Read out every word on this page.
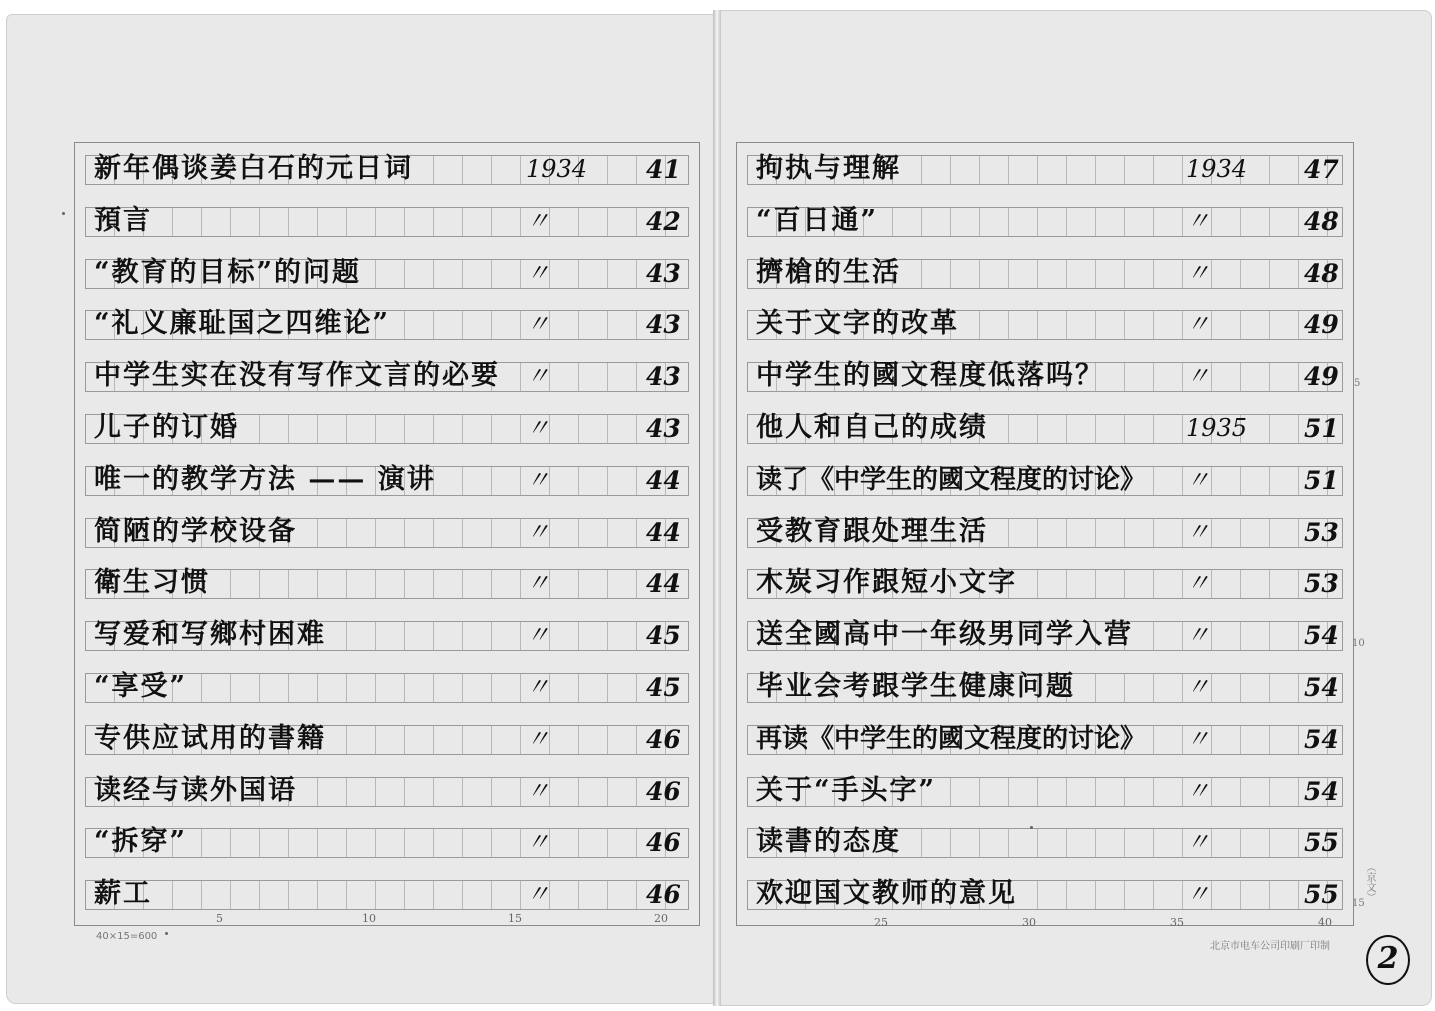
新年偶谈姜白石的元日词	1934 41
預言	〃	42
“教育的目标”的问题	〃	43
“礼义廉耻国之四维论”	〃	43
中学生实在没有写作文言的必要 〃	43
儿子的订婚	〃	43
唯一的教学方法 —— 演讲	〃	44
简陋的学校设备	〃	44
衛生习惯	〃	44
写爱和写鄉村困难	〃	45
“享受”	〃	45
专供应试用的書籍	〃	46
读经与读外国语	〃	46
“拆穿”	〃	46
薪工	〃	46
拘执与理解	1934 47
“百日通”	〃	48
擠槍的生活	〃	48
关于文字的改革	〃	49
中学生的國文程度低落吗？	〃	49
他人和自己的成绩	1935 51
读了《中学生的國文程度的讨论》 〃	51
受教育跟处理生活	〃	53
木炭习作跟短小文字	〃	53
送全國高中一年级男同学入营 〃	54
毕业会考跟学生健康问题	〃	54
再读《中学生的國文程度的讨论》 〃	54
关于“手头字”	〃	54
读書的态度	〃	55
欢迎国文教师的意见	〃	55
5	10	15	20
40×15=600
25	30	35	40
5
10
15
（京文）
北京市电车公司印刷厂印制	2
